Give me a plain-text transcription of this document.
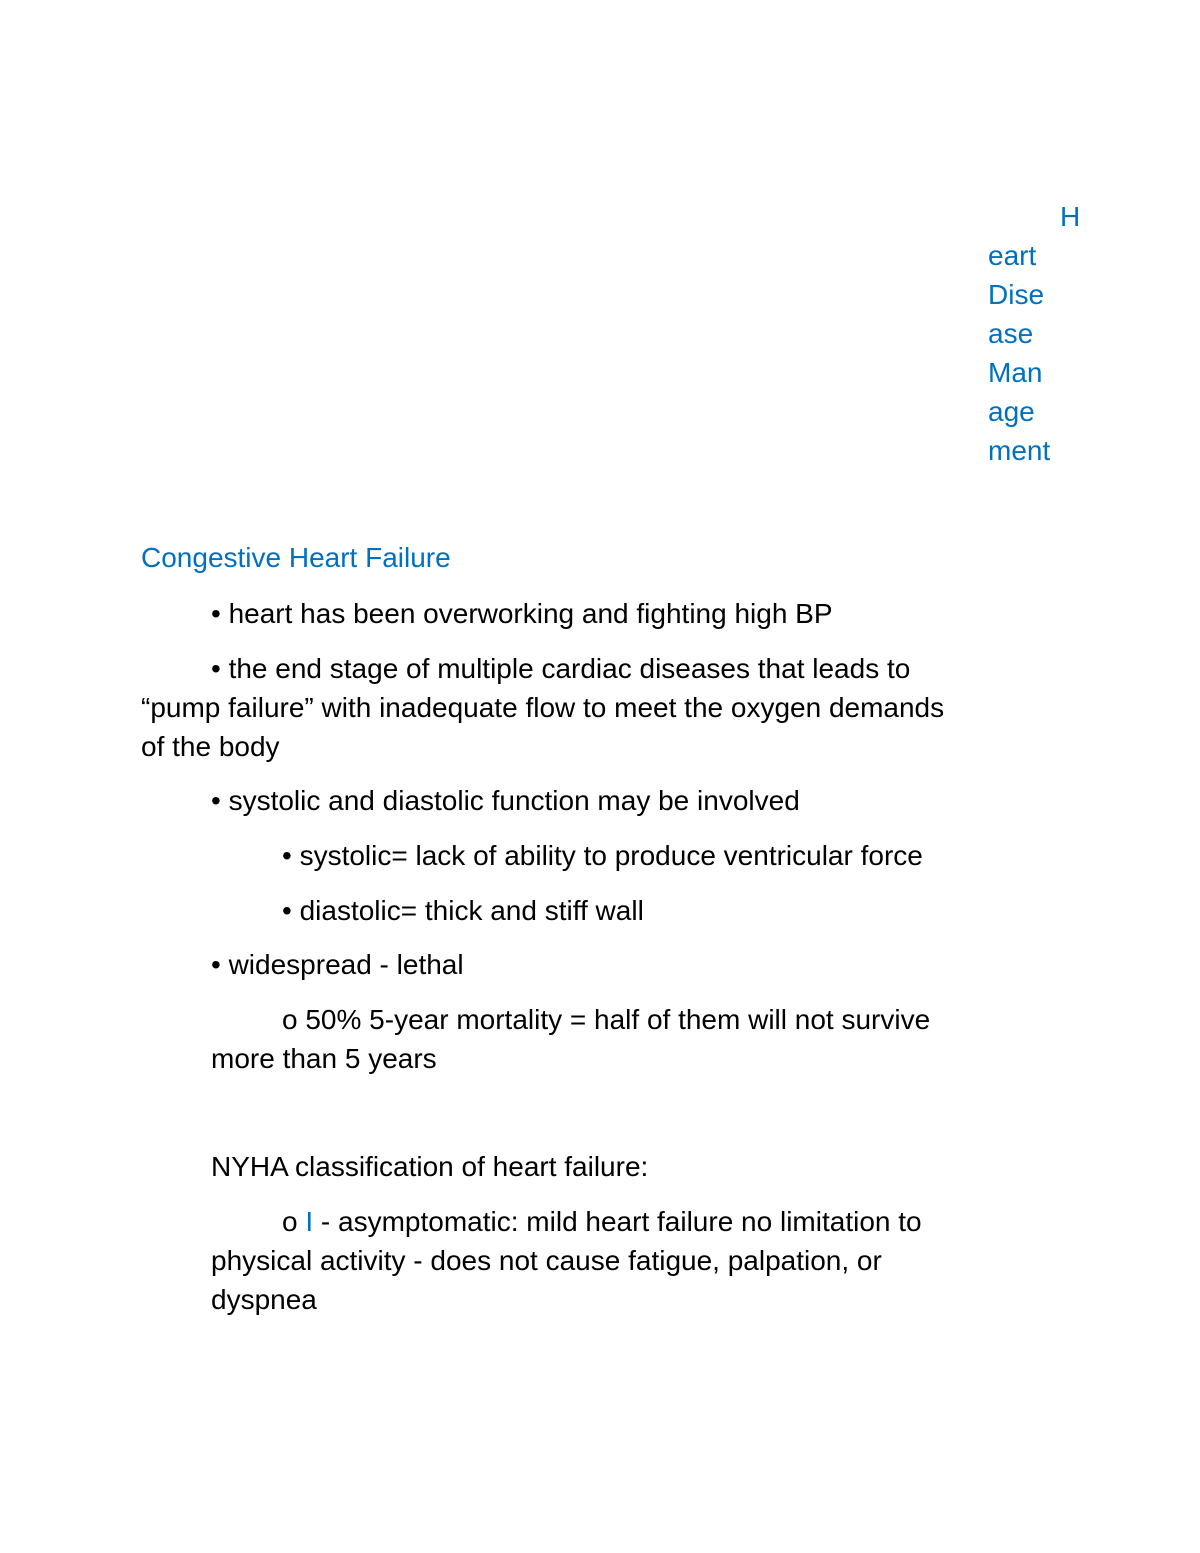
H
eart
Dise
ase
Man
age
ment

Congestive Heart Failure

• heart has been overworking and fighting high BP

• the end stage of multiple cardiac diseases that leads to

“pump failure” with inadequate flow to meet the oxygen demands

of the body

• systolic and diastolic function may be involved

• systolic= lack of ability to produce ventricular force

• diastolic= thick and stiff wall

• widespread - lethal

o 50% 5-year mortality = half of them will not survive

more than 5 years

NYHA classification of heart failure:

o I - asymptomatic: mild heart failure no limitation to

physical activity - does not cause fatigue, palpation, or

dyspnea
